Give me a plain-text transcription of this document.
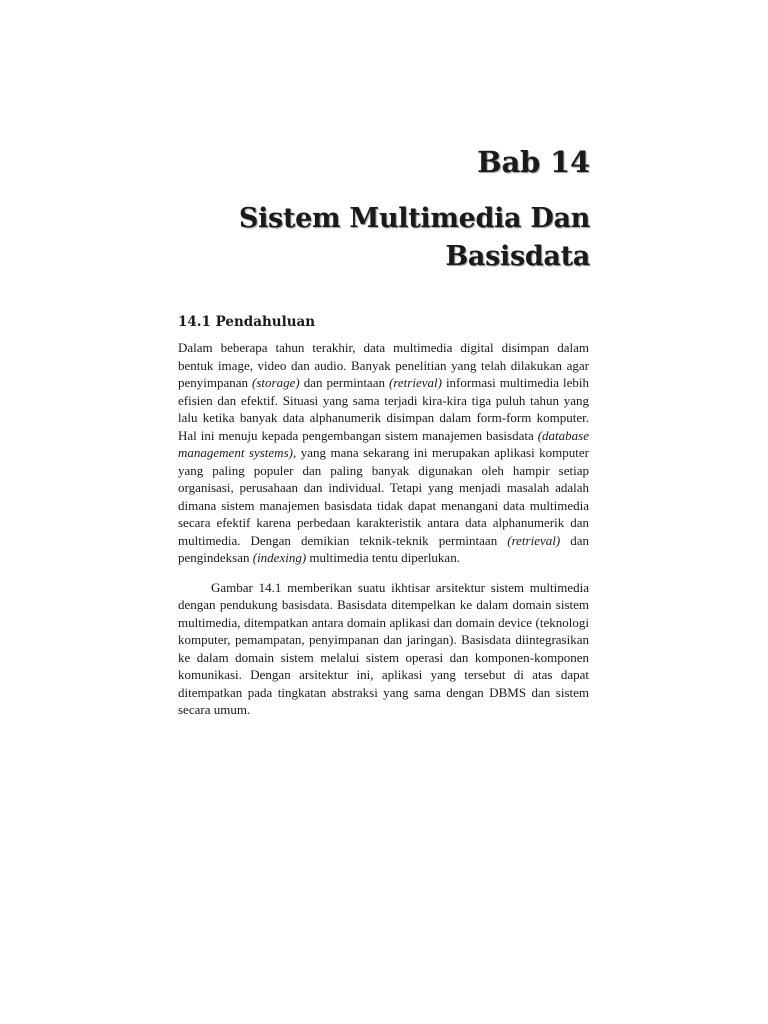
Bab 14
Sistem Multimedia Dan
Basisdata
14.1 Pendahuluan

Dalam beberapa tahun terakhir, data multimedia digital disimpan dalam bentuk image, video dan audio. Banyak penelitian yang telah dilakukan agar penyimpanan (storage) dan permintaan (retrieval) informasi multimedia lebih efisien dan efektif. Situasi yang sama terjadi kira-kira tiga puluh tahun yang lalu ketika banyak data alphanumerik disimpan dalam form-form komputer. Hal ini menuju kepada pengembangan sistem manajemen basisdata (database management systems), yang mana sekarang ini merupakan aplikasi komputer yang paling populer dan paling banyak digunakan oleh hampir setiap organisasi, perusahaan dan individual. Tetapi yang menjadi masalah adalah dimana sistem manajemen basisdata tidak dapat menangani data multimedia secara efektif karena perbedaan karakteristik antara data alphanumerik dan multimedia. Dengan demikian teknik-teknik permintaan (retrieval) dan pengindeksan (indexing) multimedia tentu diperlukan.

Gambar 14.1 memberikan suatu ikhtisar arsitektur sistem multimedia dengan pendukung basisdata. Basisdata ditempelkan ke dalam domain sistem multimedia, ditempatkan antara domain aplikasi dan domain device (teknologi komputer, pemampatan, penyimpanan dan jaringan). Basisdata diintegrasikan ke dalam domain sistem melalui sistem operasi dan komponen-komponen komunikasi. Dengan arsitektur ini, aplikasi yang tersebut di atas dapat ditempatkan pada tingkatan abstraksi yang sama dengan DBMS dan sistem secara umum.
